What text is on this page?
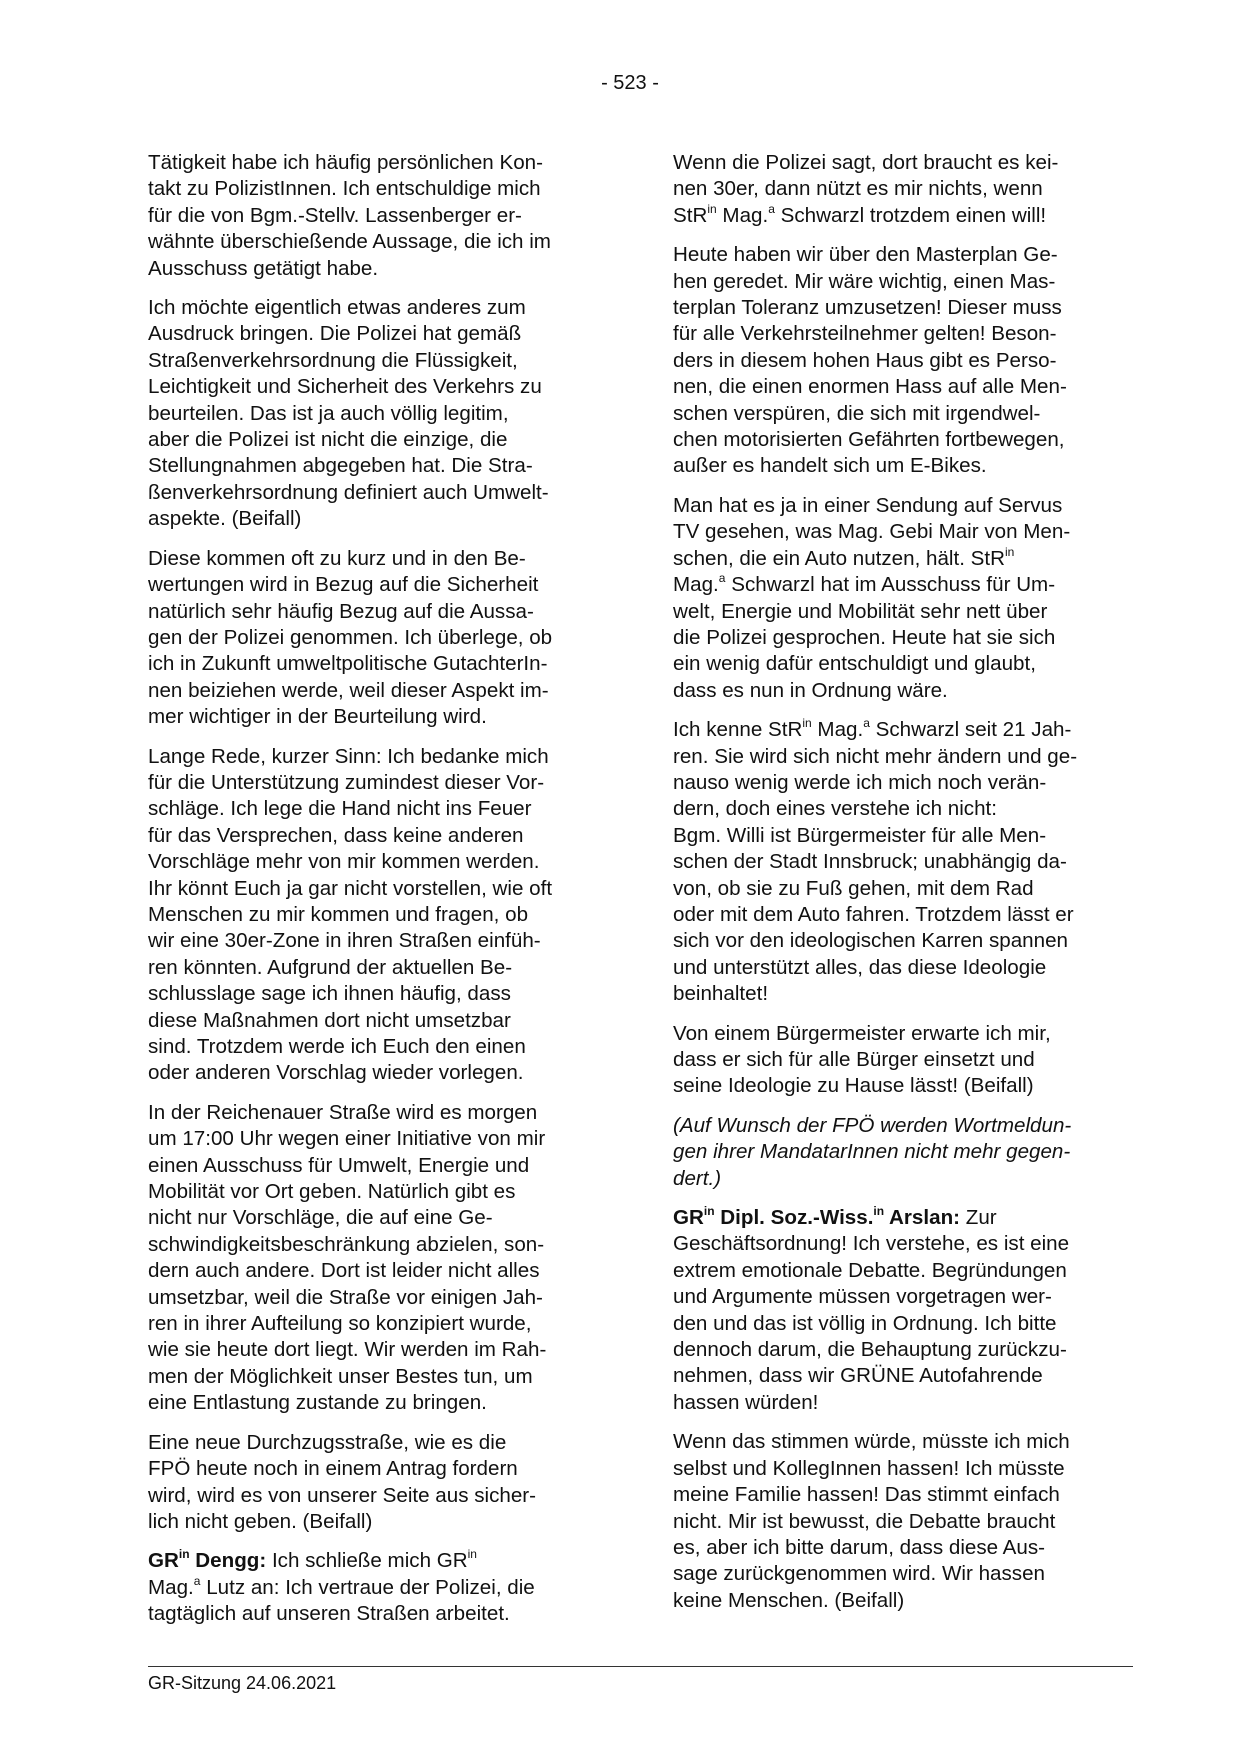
- 523 -

Tätigkeit habe ich häufig persönlichen Kon-
takt zu PolizistInnen. Ich entschuldige mich
für die von Bgm.-Stellv. Lassenberger er-
wähnte überschießende Aussage, die ich im
Ausschuss getätigt habe.

Ich möchte eigentlich etwas anderes zum
Ausdruck bringen. Die Polizei hat gemäß
Straßenverkehrsordnung die Flüssigkeit,
Leichtigkeit und Sicherheit des Verkehrs zu
beurteilen. Das ist ja auch völlig legitim,
aber die Polizei ist nicht die einzige, die
Stellungnahmen abgegeben hat. Die Stra-
ßenverkehrsordnung definiert auch Umwelt-
aspekte. (Beifall)

Diese kommen oft zu kurz und in den Be-
wertungen wird in Bezug auf die Sicherheit
natürlich sehr häufig Bezug auf die Aussa-
gen der Polizei genommen. Ich überlege, ob
ich in Zukunft umweltpolitische GutachterIn-
nen beiziehen werde, weil dieser Aspekt im-
mer wichtiger in der Beurteilung wird.

Lange Rede, kurzer Sinn: Ich bedanke mich
für die Unterstützung zumindest dieser Vor-
schläge. Ich lege die Hand nicht ins Feuer
für das Versprechen, dass keine anderen
Vorschläge mehr von mir kommen werden.
Ihr könnt Euch ja gar nicht vorstellen, wie oft
Menschen zu mir kommen und fragen, ob
wir eine 30er-Zone in ihren Straßen einfüh-
ren könnten. Aufgrund der aktuellen Be-
schlusslage sage ich ihnen häufig, dass
diese Maßnahmen dort nicht umsetzbar
sind. Trotzdem werde ich Euch den einen
oder anderen Vorschlag wieder vorlegen.

In der Reichenauer Straße wird es morgen
um 17:00 Uhr wegen einer Initiative von mir
einen Ausschuss für Umwelt, Energie und
Mobilität vor Ort geben. Natürlich gibt es
nicht nur Vorschläge, die auf eine Ge-
schwindigkeitsbeschränkung abzielen, son-
dern auch andere. Dort ist leider nicht alles
umsetzbar, weil die Straße vor einigen Jah-
ren in ihrer Aufteilung so konzipiert wurde,
wie sie heute dort liegt. Wir werden im Rah-
men der Möglichkeit unser Bestes tun, um
eine Entlastung zustande zu bringen.

Eine neue Durchzugsstraße, wie es die
FPÖ heute noch in einem Antrag fordern
wird, wird es von unserer Seite aus sicher-
lich nicht geben. (Beifall)

$GR^{in}$ Dengg: Ich schließe mich $GR^{in}$
Mag.$^a$ Lutz an: Ich vertraue der Polizei, die
tagtäglich auf unseren Straßen arbeitet.

Wenn die Polizei sagt, dort braucht es kei-
nen 30er, dann nützt es mir nichts, wenn
StR$^{in}$ Mag.$^a$ Schwarzl trotzdem einen will!

Heute haben wir über den Masterplan Ge-
hen geredet. Mir wäre wichtig, einen Mas-
terplan Toleranz umzusetzen! Dieser muss
für alle Verkehrsteilnehmer gelten! Beson-
ders in diesem hohen Haus gibt es Perso-
nen, die einen enormen Hass auf alle Men-
schen verspüren, die sich mit irgendwel-
chen motorisierten Gefährten fortbewegen,
außer es handelt sich um E-Bikes.

Man hat es ja in einer Sendung auf Servus
TV gesehen, was Mag. Gebi Mair von Men-
schen, die ein Auto nutzen, hält. StR$^{in}$
Mag.$^a$ Schwarzl hat im Ausschuss für Um-
welt, Energie und Mobilität sehr nett über
die Polizei gesprochen. Heute hat sie sich
ein wenig dafür entschuldigt und glaubt,
dass es nun in Ordnung wäre.

Ich kenne StR$^{in}$ Mag.$^a$ Schwarzl seit 21 Jah-
ren. Sie wird sich nicht mehr ändern und ge-
nauso wenig werde ich mich noch verän-
dern, doch eines verstehe ich nicht:
Bgm. Willi ist Bürgermeister für alle Men-
schen der Stadt Innsbruck; unabhängig da-
von, ob sie zu Fuß gehen, mit dem Rad
oder mit dem Auto fahren. Trotzdem lässt er
sich vor den ideologischen Karren spannen
und unterstützt alles, das diese Ideologie
beinhaltet!

Von einem Bürgermeister erwarte ich mir,
dass er sich für alle Bürger einsetzt und
seine Ideologie zu Hause lässt! (Beifall)

(Auf Wunsch der FPÖ werden Wortmeldun-
gen ihrer MandatarInnen nicht mehr gegen-
dert.)

$GR^{in}$ Dipl. Soz.-Wiss.$^{in}$ Arslan: Zur
Geschäftsordnung! Ich verstehe, es ist eine
extrem emotionale Debatte. Begründungen
und Argumente müssen vorgetragen wer-
den und das ist völlig in Ordnung. Ich bitte
dennoch darum, die Behauptung zurückzu-
nehmen, dass wir GRÜNE Autofahrende
hassen würden!

Wenn das stimmen würde, müsste ich mich
selbst und KollegInnen hassen! Ich müsste
meine Familie hassen! Das stimmt einfach
nicht. Mir ist bewusst, die Debatte braucht
es, aber ich bitte darum, dass diese Aus-
sage zurückgenommen wird. Wir hassen
keine Menschen. (Beifall)

GR-Sitzung 24.06.2021
